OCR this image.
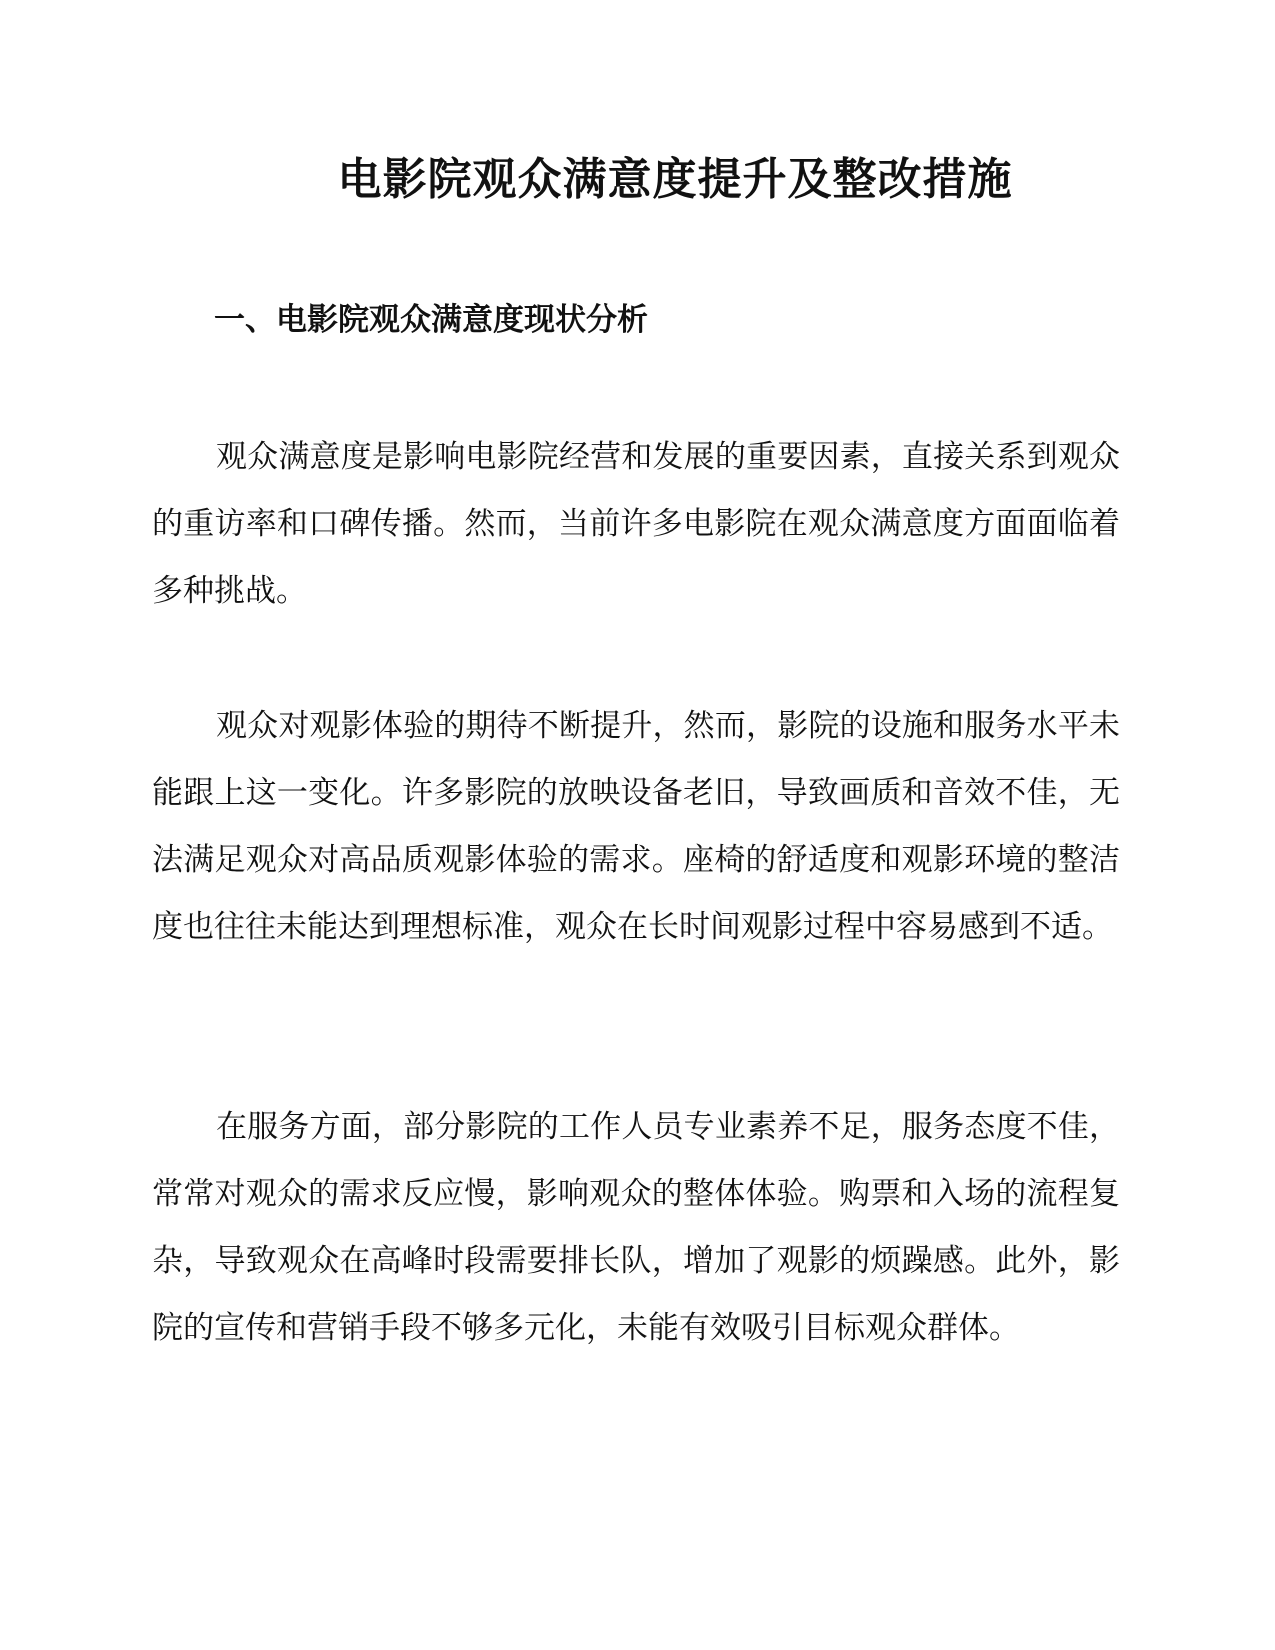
电影院观众满意度提升及整改措施
一、电影院观众满意度现状分析

观众满意度是影响电影院经营和发展的重要因素，直接关系到观众的重访率和口碑传播。然而，当前许多电影院在观众满意度方面面临着多种挑战。

观众对观影体验的期待不断提升，然而，影院的设施和服务水平未能跟上这一变化。许多影院的放映设备老旧，导致画质和音效不佳，无法满足观众对高品质观影体验的需求。座椅的舒适度和观影环境的整洁度也往往未能达到理想标准，观众在长时间观影过程中容易感到不适。

在服务方面，部分影院的工作人员专业素养不足，服务态度不佳，常常对观众的需求反应慢，影响观众的整体体验。购票和入场的流程复杂，导致观众在高峰时段需要排长队，增加了观影的烦躁感。此外，影院的宣传和营销手段不够多元化，未能有效吸引目标观众群体。
